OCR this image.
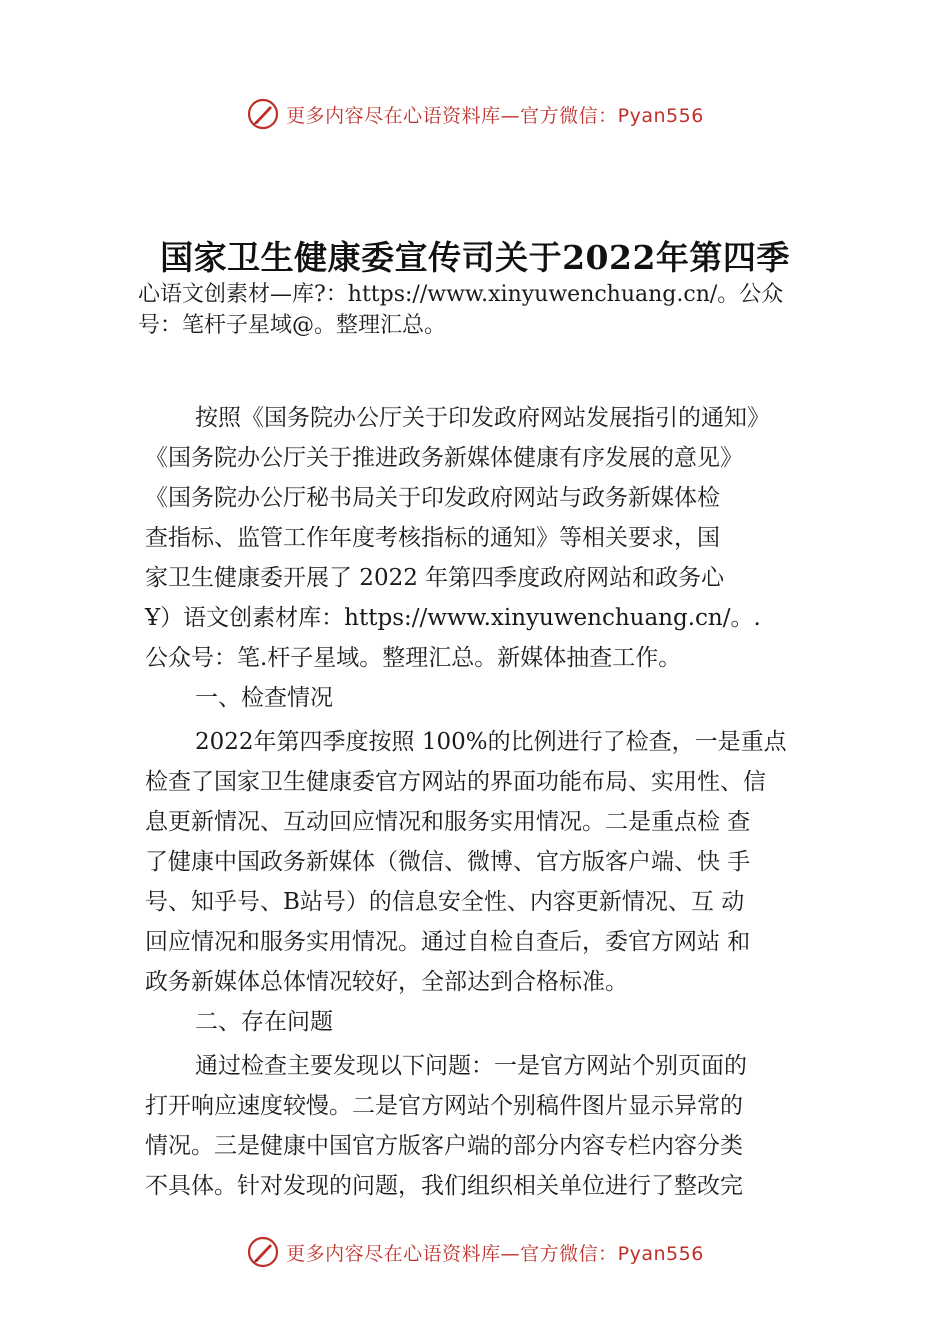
更多内容尽在心语资料库—官方微信：Pyan556
国家卫生健康委宣传司关于2022年第四季
心语文创素材—库?：https://www.xinyuwenchuang.cn/。公众
号：笔杆子星域@。整理汇总。
按照《国务院办公厅关于印发政府网站发展指引的通知》
《国务院办公厅关于推进政务新媒体健康有序发展的意见》
《国务院办公厅秘书局关于印发政府网站与政务新媒体检
查指标、监管工作年度考核指标的通知》等相关要求，国
家卫生健康委开展了 2022 年第四季度政府网站和政务心
Ұ）语文创素材库：https://www.xinyuwenchuang.cn/。.
公众号：笔.杆子星域。整理汇总。新媒体抽查工作。
一、检查情况
2022年第四季度按照 100%的比例进行了检查，一是重点
检查了国家卫生健康委官方网站的界面功能布局、实用性、信
息更新情况、互动回应情况和服务实用情况。二是重点检 查
了健康中国政务新媒体（微信、微博、官方版客户端、快 手
号、知乎号、B站号）的信息安全性、内容更新情况、互 动
回应情况和服务实用情况。通过自检自查后，委官方网站 和
政务新媒体总体情况较好，全部达到合格标准。
二、存在问题
通过检查主要发现以下问题：一是官方网站个别页面的
打开响应速度较慢。二是官方网站个别稿件图片显示异常的
情况。三是健康中国官方版客户端的部分内容专栏内容分类
不具体。针对发现的问题，我们组织相关单位进行了整改完
更多内容尽在心语资料库—官方微信：Pyan556
